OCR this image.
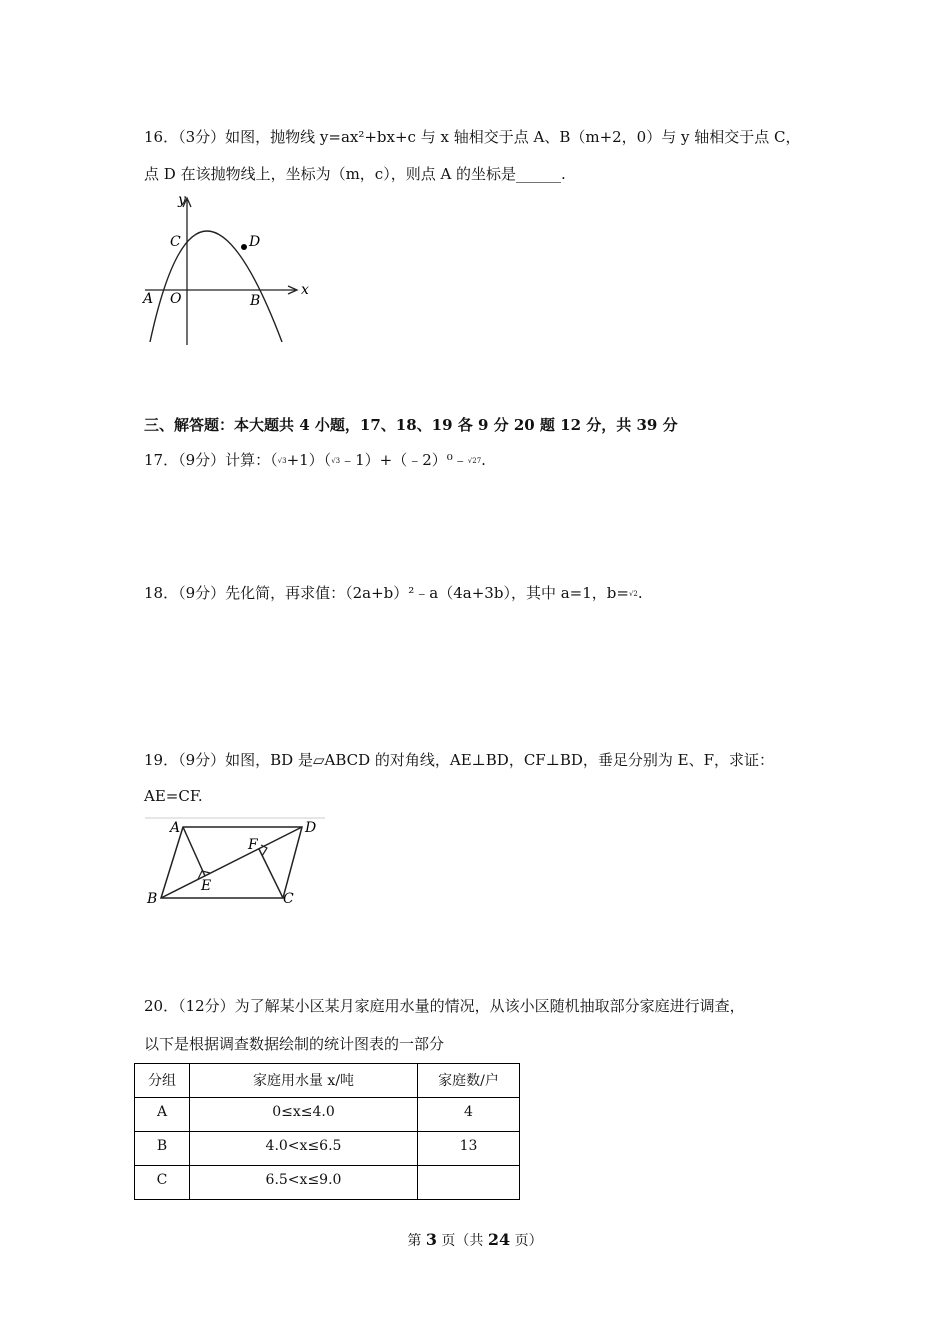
16．（3分）如图，抛物线 y=ax²+bx+c 与 x 轴相交于点 A、B（m+2，0）与 y 轴相交于点 C，
点 D 在该抛物线上，坐标为（m，c），则点 A 的坐标是______.
y
x
C	D
A O	B
三、解答题：本大题共 4 小题，17、18、19 各 9 分 20 题 12 分，共 39 分
17．（9分）计算：（√3+1）（√3﹣1）+（﹣2）⁰﹣√27.
18．（9分）先化简，再求值：（2a+b）²﹣a（4a+3b），其中 a=1，b=√2.
19．（9分）如图，BD 是▱ABCD 的对角线，AE⊥BD，CF⊥BD，垂足分别为 E、F，求证：
AE=CF.
A	D
F
E
B	C
20．（12分）为了解某小区某月家庭用水量的情况，从该小区随机抽取部分家庭进行调查，
以下是根据调查数据绘制的统计图表的一部分
分组	家庭用水量 x/吨	家庭数/户
A	0≤x≤4.0	4
B	4.0<x≤6.5	13
C	6.5<x≤9.0	
第 3 页（共 24 页）
